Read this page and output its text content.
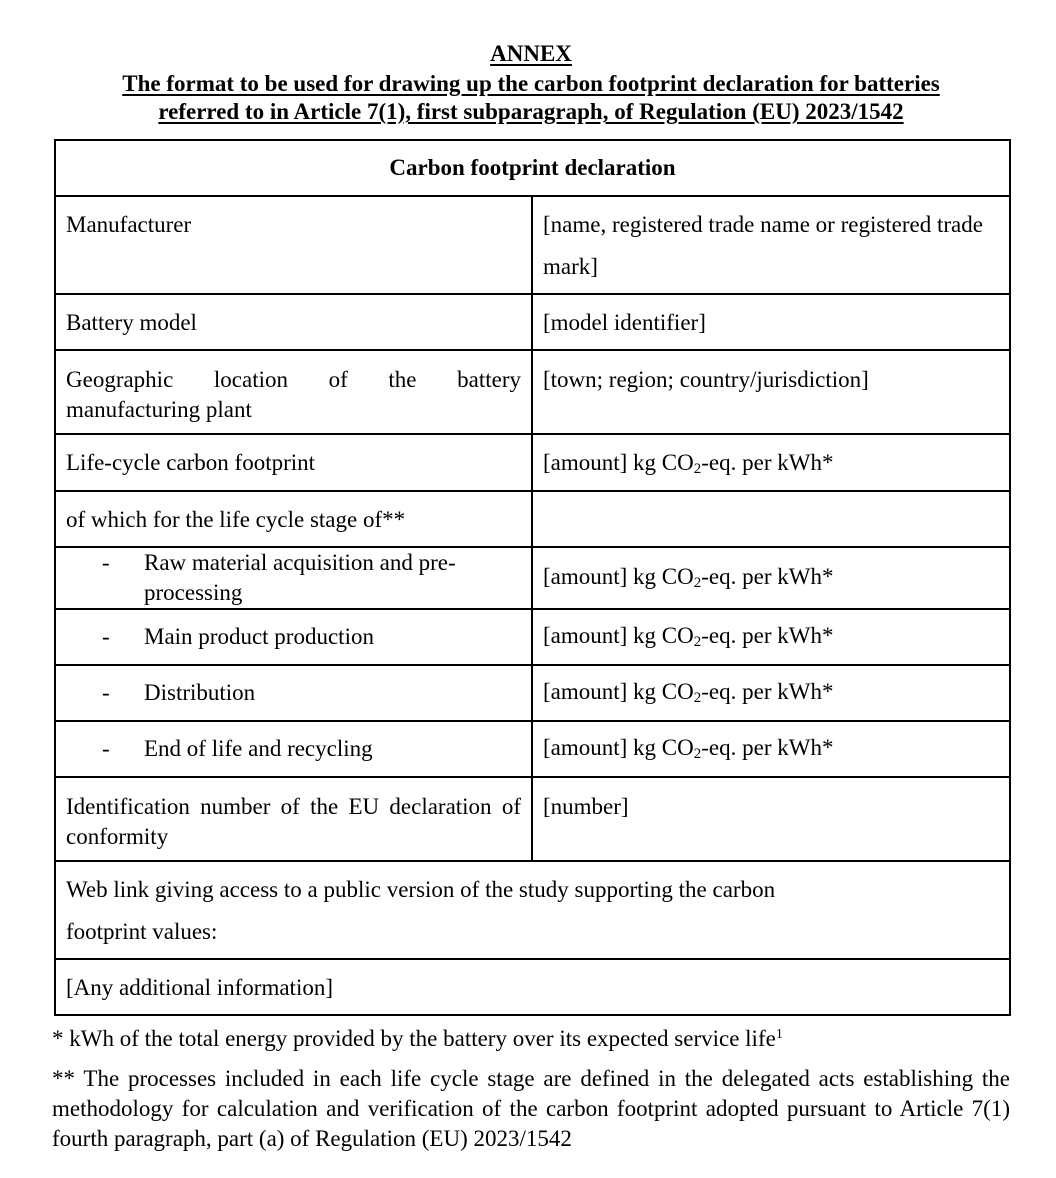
ANNEX
The format to be used for drawing up the carbon footprint declaration for batteries
referred to in Article 7(1), first subparagraph, of Regulation (EU) 2023/1542
Carbon footprint declaration	
Manufacturer	[name, registered trade name or registered trade mark]
Battery model	[model identifier]
Geographic location of the battery manufacturing plant	[town; region; country/jurisdiction]
Life-cycle carbon footprint	[amount] kg $CO_2-eq$. per kWh*
of which for the life cycle stage of**	

- Raw material acquisition and pre-processing	[amount] kg $CO_2-eq$. per kWh*

- Main product production	[amount] kg $CO_2-eq$. per kWh*

- Distribution	[amount] kg $CO_2-eq$. per kWh*

- End of life and recycling	[amount] kg $CO_2-eq$. per kWh*
Identification number of the EU declaration of conformity	[number]
Web link giving access to a public version of the study supporting the carbon footprint values:	
[Any additional information]	
* kWh of the total energy provided by the battery over its expected service life$^1$
** The processes included in each life cycle stage are defined in the delegated acts establishing the methodology for calculation and verification of the carbon footprint adopted pursuant to Article 7(1) fourth paragraph, part (a) of Regulation (EU) 2023/1542
